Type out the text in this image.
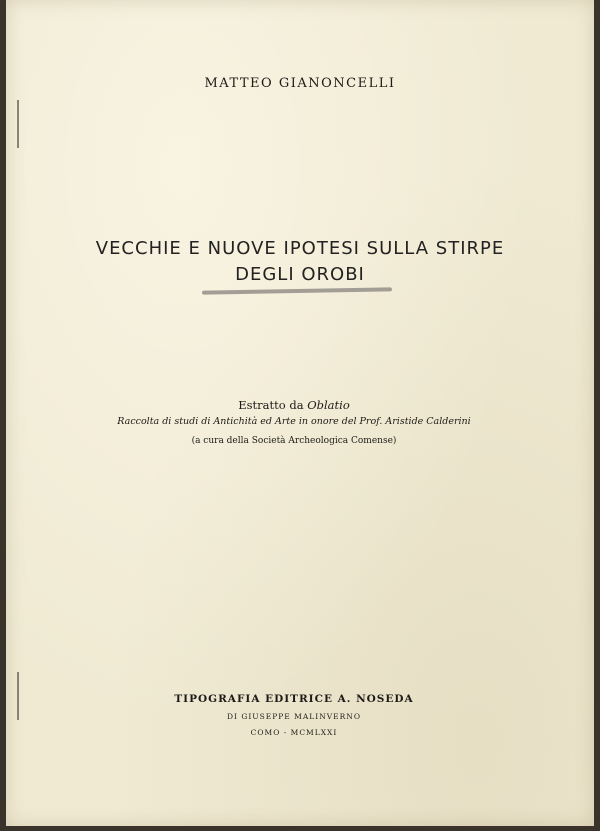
MATTEO GIANONCELLI

VECCHIE E NUOVE IPOTESI SULLA STIRPE
DEGLI OROBI

Estratto da Oblatio

Raccolta di studi di Antichità ed Arte in onore del Prof. Aristide Calderini

(a cura della Società Archeologica Comense)

TIPOGRAFIA EDITRICE A. NOSEDA

DI GIUSEPPE MALINVERNO

COMO - MCMLXXI
